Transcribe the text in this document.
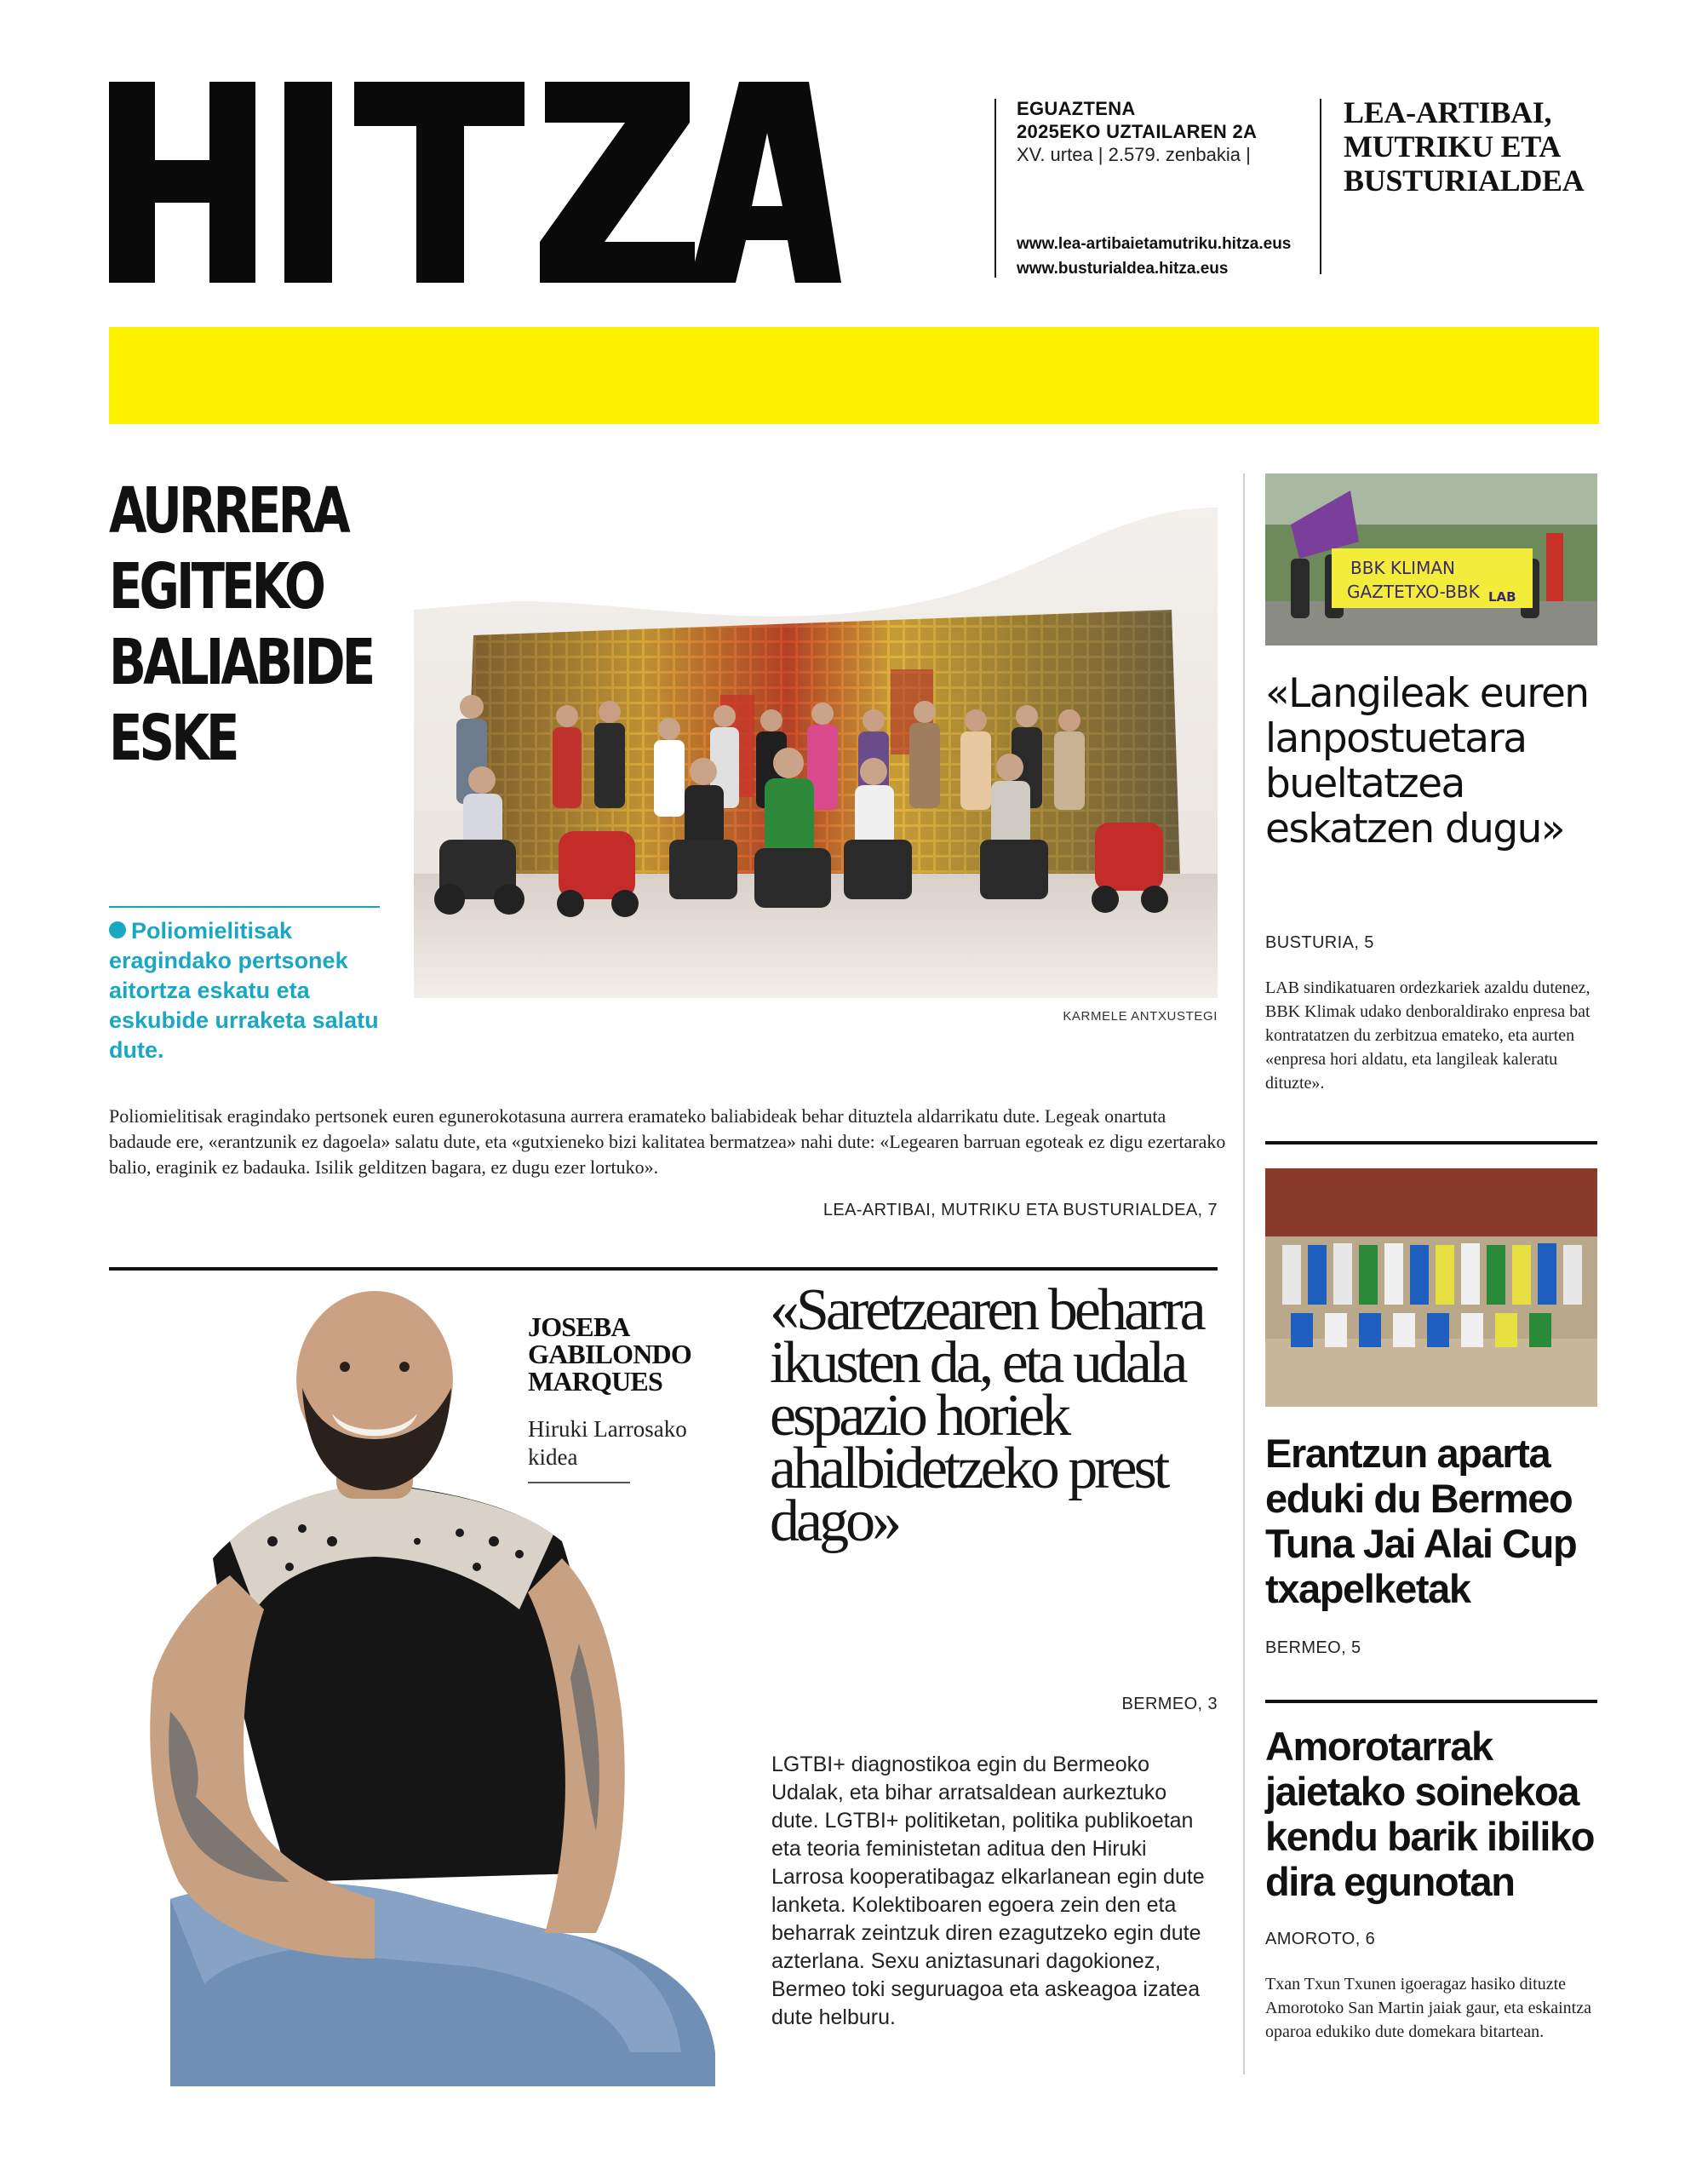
EGUAZTENA
2025EKO UZTAILAREN 2A
XV. urtea | 2.579. zenbakia |
www.lea-artibaietamutriku.hitza.eus
www.busturialdea.hitza.eus
LEA-ARTIBAI,
MUTRIKU ETA
BUSTURIALDEA
AURRERA
EGITEKO
BALIABIDE
ESKE
Poliomielitisak eragindako pertsonek aitortza eskatu eta eskubide urraketa salatu dute.
KARMELE ANTXUSTEGI
Poliomielitisak eragindako pertsonek euren egunerokotasuna aurrera eramateko baliabideak behar dituztela aldarrikatu dute. Legeak onartuta badaude ere, «erantzunik ez dagoela» salatu dute, eta «gutxieneko bizi kalitatea bermatzea» nahi dute: «Legearen barruan egoteak ez digu ezertarako balio, eraginik ez badauka. Isilik gelditzen bagara, ez dugu ezer lortuko».
LEA-ARTIBAI, MUTRIKU ETA BUSTURIALDEA, 7
JOSEBA
GABILONDO
MARQUES
Hiruki Larrosako kidea
«Saretzearen beharra ikusten da, eta udala espazio horiek ahalbidetzeko prest dago»
BERMEO, 3
LGTBI+ diagnostikoa egin du Bermeoko Udalak, eta bihar arratsaldean aurkeztuko dute. LGTBI+ politiketan, politika publikoetan eta teoria feministetan aditua den Hiruki Larrosa kooperatibagaz elkarlanean egin dute lanketa. Kolektiboaren egoera zein den eta beharrak zeintzuk diren ezagutzeko egin dute azterlana. Sexu aniztasunari dagokionez, Bermeo toki seguruagoa eta askeagoa izatea dute helburu.
BBK KLIMAN
GAZTETXO-BBK LAB
«Langileak euren lanpostuetara bueltatzea eskatzen dugu»
BUSTURIA, 5
LAB sindikatuaren ordezkariek azaldu dutenez, BBK Klimak udako denboraldirako enpresa bat kontratatzen du zerbitzua emateko, eta aurten «enpresa hori aldatu, eta langileak kaleratu dituzte».
Erantzun aparta eduki du Bermeo Tuna Jai Alai Cup txapelketak
BERMEO, 5
Amorotarrak jaietako soinekoa kendu barik ibiliko dira egunotan
AMOROTO, 6
Txan Txun Txunen igoeragaz hasiko dituzte Amorotoko San Martin jaiak gaur, eta eskaintza oparoa edukiko dute domekara bitartean.
